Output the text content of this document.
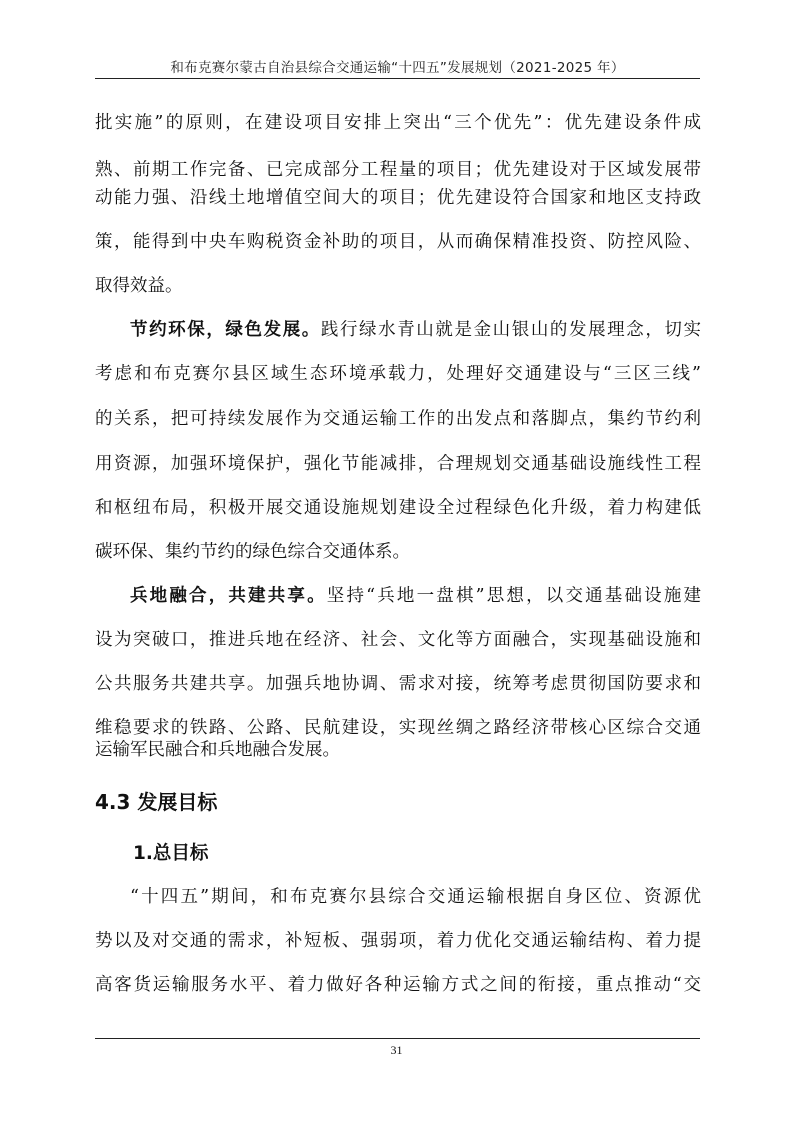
和布克赛尔蒙古自治县综合交通运输“十四五”发展规划（2021-2025 年）
批实施”的原则，在建设项目安排上突出“三个优先”：优先建设条件成
熟、前期工作完备、已完成部分工程量的项目；优先建设对于区域发展带
动能力强、沿线土地增值空间大的项目；优先建设符合国家和地区支持政
策，能得到中央车购税资金补助的项目，从而确保精准投资、防控风险、
取得效益。
节约环保，绿色发展。践行绿水青山就是金山银山的发展理念，切实
考虑和布克赛尔县区域生态环境承载力，处理好交通建设与“三区三线”
的关系，把可持续发展作为交通运输工作的出发点和落脚点，集约节约利
用资源，加强环境保护，强化节能减排，合理规划交通基础设施线性工程
和枢纽布局，积极开展交通设施规划建设全过程绿色化升级，着力构建低
碳环保、集约节约的绿色综合交通体系。
兵地融合，共建共享。坚持“兵地一盘棋”思想，以交通基础设施建
设为突破口，推进兵地在经济、社会、文化等方面融合，实现基础设施和
公共服务共建共享。加强兵地协调、需求对接，统筹考虑贯彻国防要求和
维稳要求的铁路、公路、民航建设，实现丝绸之路经济带核心区综合交通
运输军民融合和兵地融合发展。
4.3 发展目标
1.总目标
“十四五”期间，和布克赛尔县综合交通运输根据自身区位、资源优
势以及对交通的需求，补短板、强弱项，着力优化交通运输结构、着力提
高客货运输服务水平、着力做好各种运输方式之间的衔接，重点推动“交
31
